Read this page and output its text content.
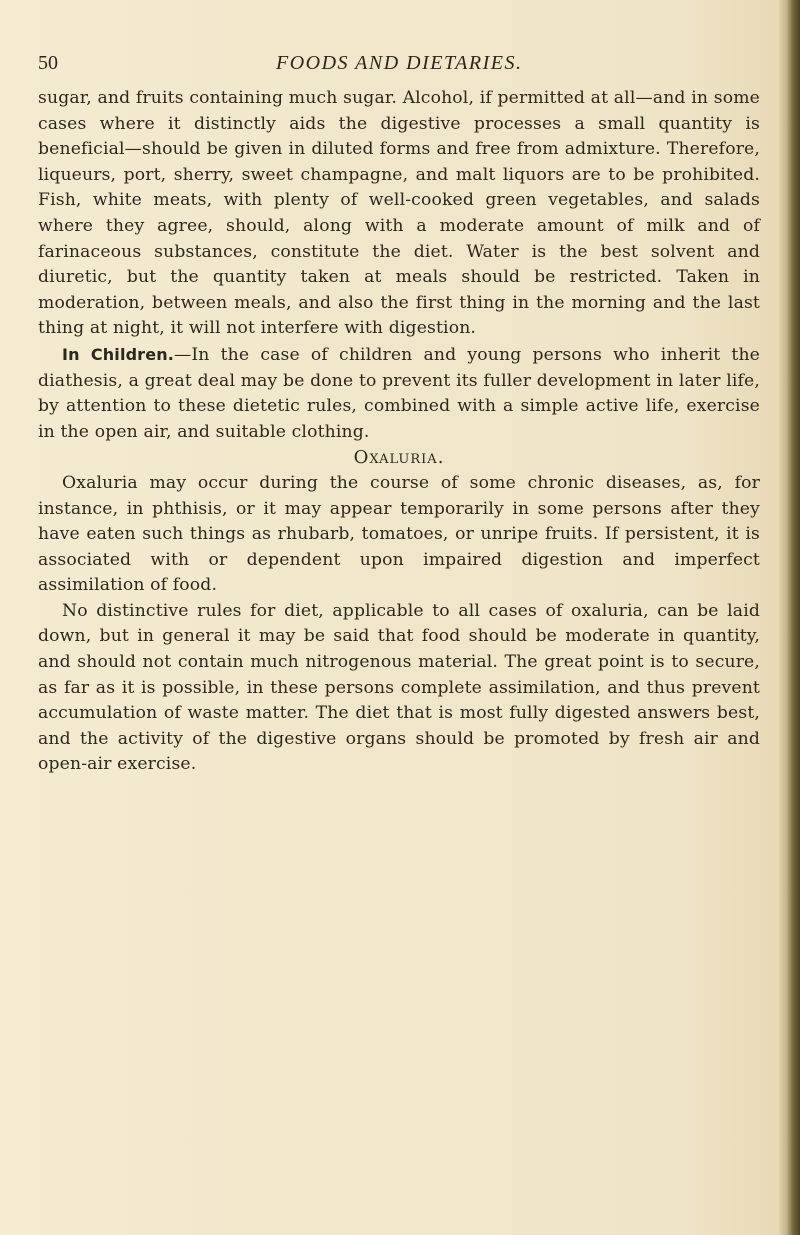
50	FOODS AND DIETARIES.

sugar, and fruits containing much sugar. Alcohol, if permitted at all—and in some cases where it distinctly aids the digestive processes a small quantity is beneficial—should be given in diluted forms and free from admixture. Therefore, liqueurs, port, sherry, sweet champagne, and malt liquors are to be prohibited. Fish, white meats, with plenty of well-cooked green vegetables, and salads where they agree, should, along with a moderate amount of milk and of farinaceous substances, constitute the diet. Water is the best solvent and diuretic, but the quantity taken at meals should be restricted. Taken in moderation, between meals, and also the first thing in the morning and the last thing at night, it will not interfere with digestion.

In Children.—In the case of children and young persons who inherit the diathesis, a great deal may be done to prevent its fuller development in later life, by attention to these dietetic rules, combined with a simple active life, exercise in the open air, and suitable clothing.

Oxaluria.

Oxaluria may occur during the course of some chronic diseases, as, for instance, in phthisis, or it may appear temporarily in some persons after they have eaten such things as rhubarb, tomatoes, or unripe fruits. If persistent, it is associated with or dependent upon impaired digestion and imperfect assimilation of food.

No distinctive rules for diet, applicable to all cases of oxaluria, can be laid down, but in general it may be said that food should be moderate in quantity, and should not contain much nitrogenous material. The great point is to secure, as far as it is possible, in these persons complete assimilation, and thus prevent accumulation of waste matter. The diet that is most fully digested answers best, and the activity of the digestive organs should be promoted by fresh air and open-air exercise.
